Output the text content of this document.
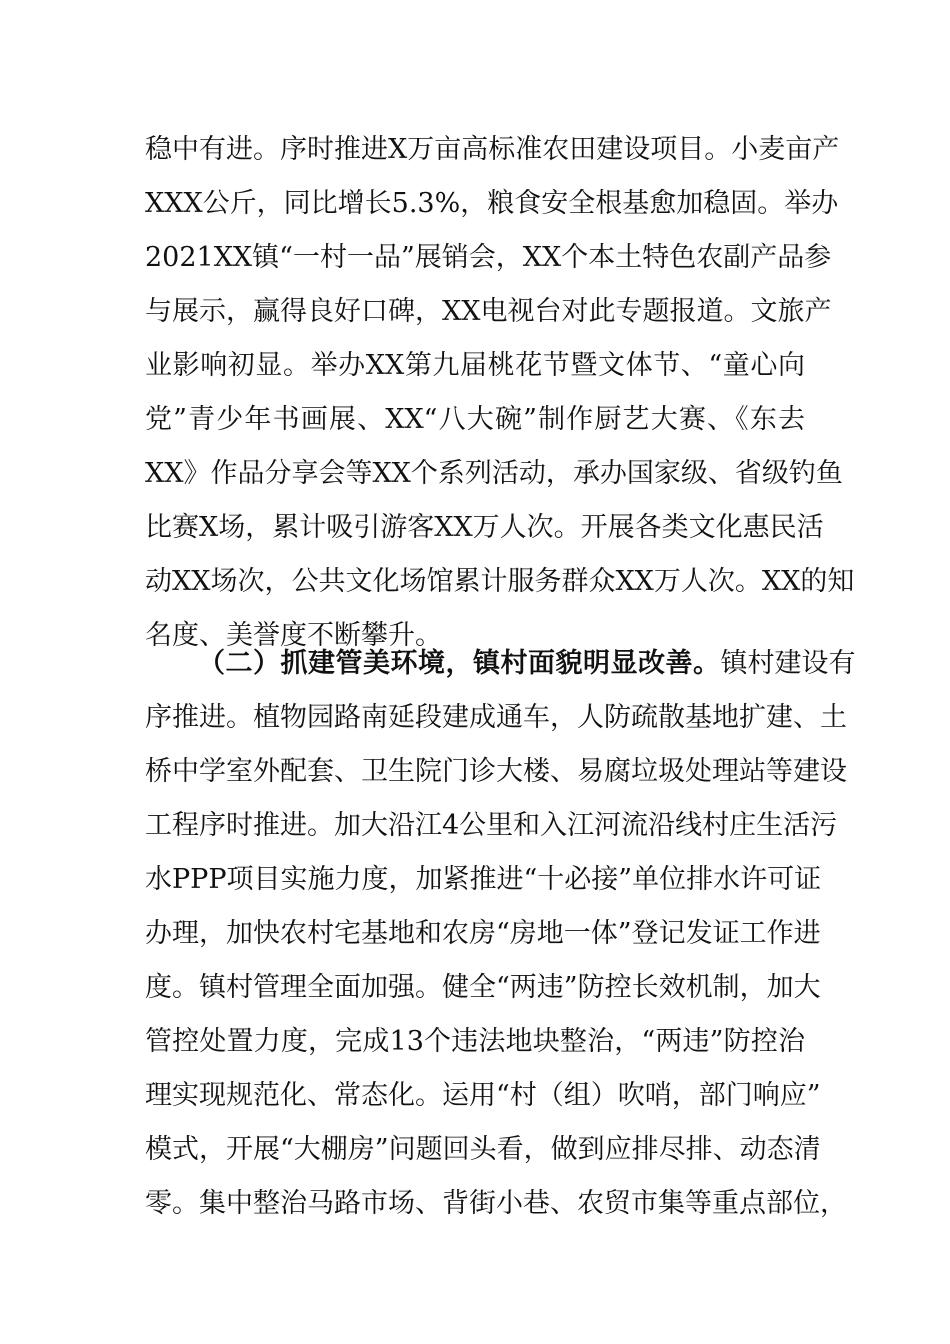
稳中有进。序时推进X万亩高标准农田建设项目。小麦亩产
XXX公斤，同比增长5.3%，粮食安全根基愈加稳固。举办
2021XX镇“一村一品”展销会，XX个本土特色农副产品参
与展示，赢得良好口碑，XX电视台对此专题报道。文旅产
业影响初显。举办XX第九届桃花节暨文体节、“童心向
党”青少年书画展、XX“八大碗”制作厨艺大赛、《东去
XX》作品分享会等XX个系列活动，承办国家级、省级钓鱼
比赛X场，累计吸引游客XX万人次。开展各类文化惠民活
动XX场次，公共文化场馆累计服务群众XX万人次。XX的知
名度、美誉度不断攀升。
（二）抓建管美环境，镇村面貌明显改善。镇村建设有
序推进。植物园路南延段建成通车，人防疏散基地扩建、土
桥中学室外配套、卫生院门诊大楼、易腐垃圾处理站等建设
工程序时推进。加大沿江4公里和入江河流沿线村庄生活污
水PPP项目实施力度，加紧推进“十必接”单位排水许可证
办理，加快农村宅基地和农房“房地一体”登记发证工作进
度。镇村管理全面加强。健全“两违”防控长效机制，加大
管控处置力度，完成13个违法地块整治，“两违”防控治
理实现规范化、常态化。运用“村（组）吹哨，部门响应”
模式，开展“大棚房”问题回头看，做到应排尽排、动态清
零。集中整治马路市场、背街小巷、农贸市集等重点部位，
